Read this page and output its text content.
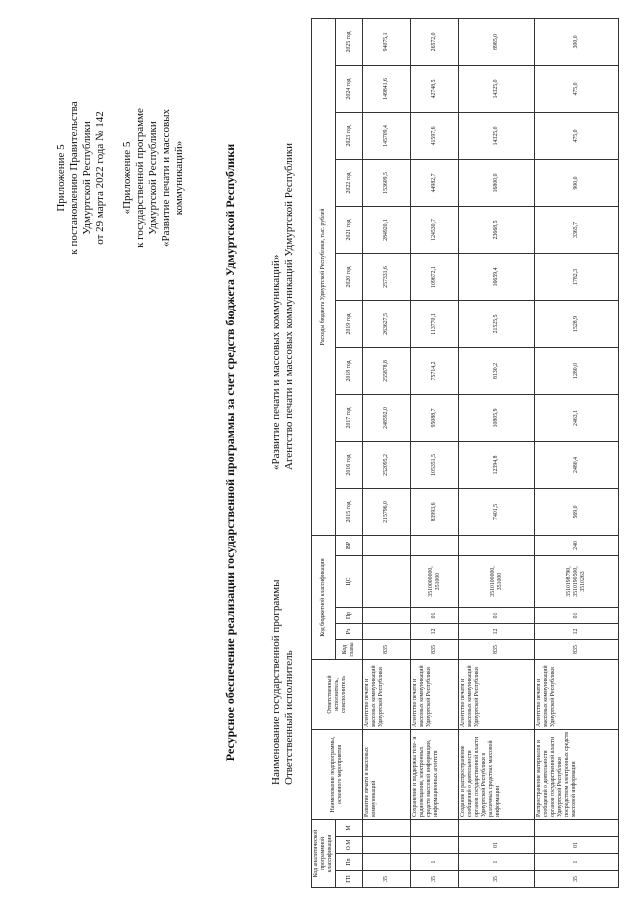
Приложение 5 к постановлению Правительства Удмуртской Республики от 29 марта 2022 года № 142 «Приложение 5 к государственной программе Удмуртской Республики «Развитие печати и массовых коммуникаций»	Ресурсное обеспечение реализации государственной программы за счет средств бюджета Удмуртской Республики	Наименование государственной программы Ответственный исполнитель
«Развитие печати и массовых коммуникаций» Агентство печати и массовых коммуникаций Удмуртской Республики
Код аналитической программной классификации				Наименование подпрограммы, основного мероприятия	Ответственный исполнитель, соисполнитель	Код бюджетной классификации					Расходы бюджета Удмуртской Республики, тыс. рублей										
ГП	Пп	О М	М			Код главы	Рз	Пр	ЦС	ВР	2015 год	2016 год	2017 год	2018 год	2019 год	2020 год	2021 год	2022 год	2023 год	2024 год	2025 год
35				Развитие печати и массовых коммуникаций	Агентство печати и массовых коммуникаций Удмуртской Республики	835					215796,0	252095,2	248592,0	255878,8	263627,5	257331,6	284920,1	153609,5	145709,4	149841,6	94075,1
35	1			Сохранение и поддержка теле- и радиовещания, электронных средств массовой информации, информационных агентств	Агентство печати и массовых коммуникаций Удмуртской Республики	835	12	01	3510000000, 351000		83993,6	105351,5	95088,7	75714,2	113770,1	109672,1	124530,7	44982,7	41597,6	42748,5	26572,0
35	1	01		Создание и распространение сообщений о деятельности органов государственной власти Удмуртской Республики в различных средствах массовой информации	Агентство печати и массовых коммуникаций Удмуртской Республики	835	12	01	3510100000, 351000		7401,5	12394,8	10805,9	8130,2	21525,5	16659,4	23668,5	16800,0	14325,0	14325,0	8985,0
35	1	01		Распространение материалов и сообщений о деятельности органов государственной власти Удмуртской Республики посредством электронных средств массовой информации	Агентство печати и массовых коммуникаций Удмуртской Республики	835	12	01	3510198790, 3510190500, 3510263	240	569,0	2480,4	2463,1	1280,0	1528,9	1782,3	3365,7	900,0	475,0	475,0	300,0
